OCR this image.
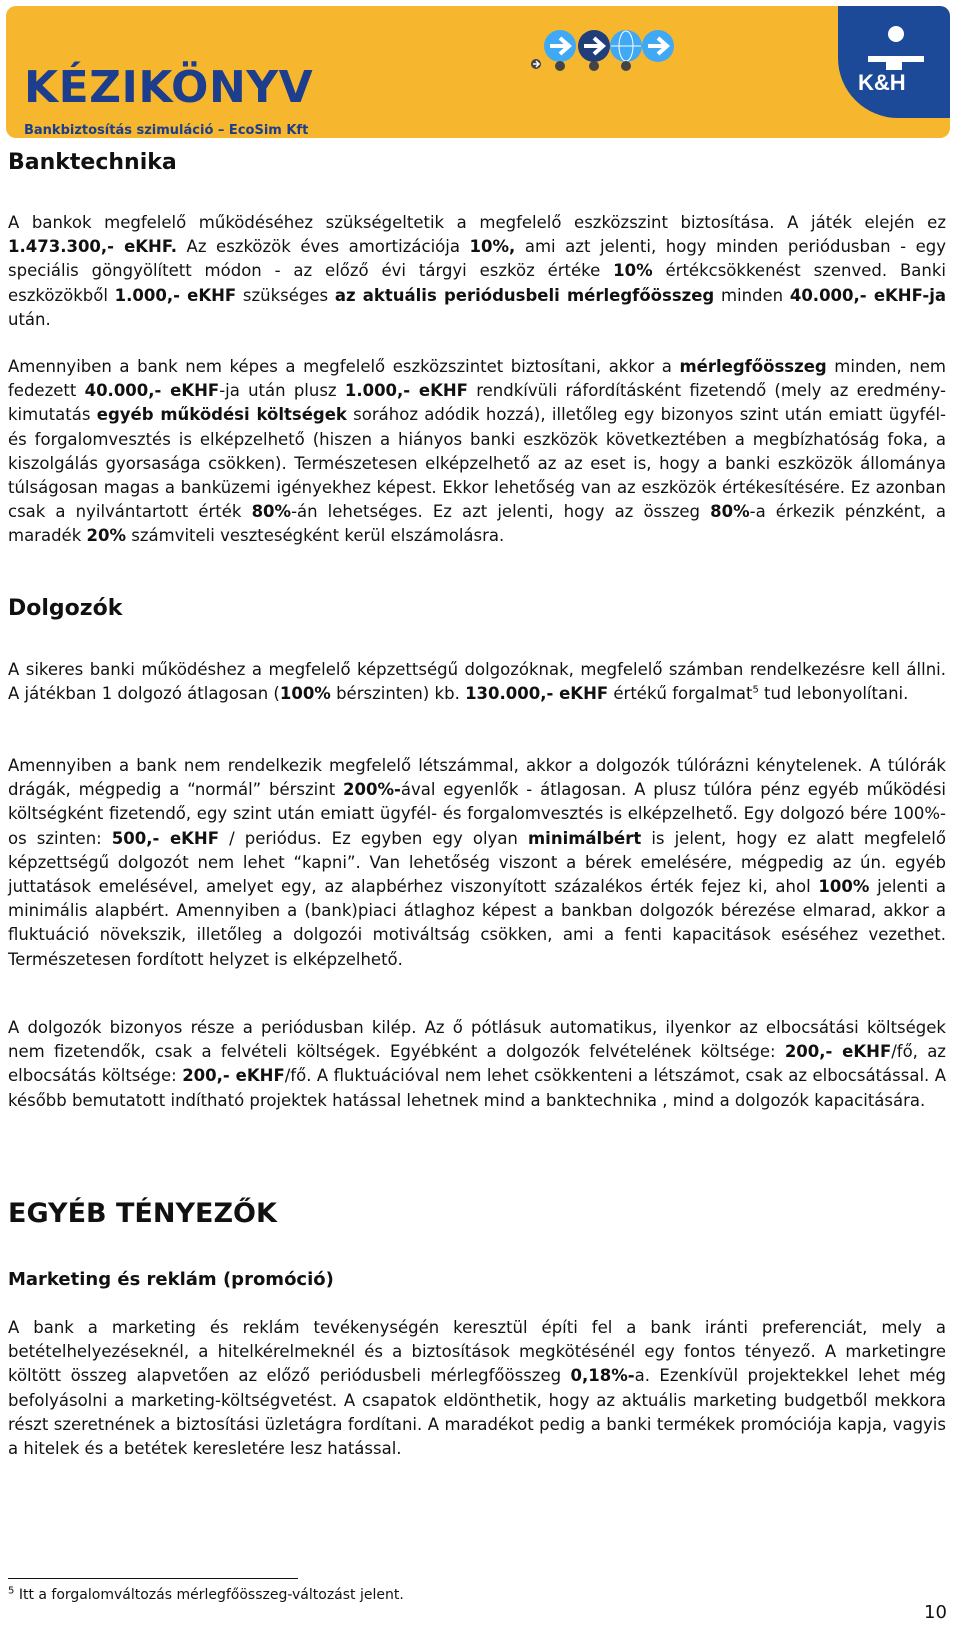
KÉZIKÖNYV
Bankbiztosítás szimuláció – EcoSim Kft
K&H
Banktechnika

A bankok megfelelő működéséhez szükségeltetik a megfelelő eszközszint biztosítása. A játék elején ez 1.473.300,- eKHF. Az eszközök éves amortizációja 10%, ami azt jelenti, hogy minden periódusban - egy speciális göngyölített módon - az előző évi tárgyi eszköz értéke 10% értékcsökkenést szenved. Banki eszközökből 1.000,- eKHF szükséges az aktuális periódusbeli mérlegfőösszeg minden 40.000,- eKHF-ja után.

Amennyiben a bank nem képes a megfelelő eszközszintet biztosítani, akkor a mérlegfőösszeg minden, nem fedezett 40.000,- eKHF-ja után plusz 1.000,- eKHF rendkívüli ráfordításként fizetendő (mely az eredmény-kimutatás egyéb működési költségek sorához adódik hozzá), illetőleg egy bizonyos szint után emiatt ügyfél- és forgalomvesztés is elképzelhető (hiszen a hiányos banki eszközök következtében a megbízhatóság foka, a kiszolgálás gyorsasága csökken). Természetesen elképzelhető az az eset is, hogy a banki eszközök állománya túlságosan magas a banküzemi igényekhez képest. Ekkor lehetőség van az eszközök értékesítésére. Ez azonban csak a nyilvántartott érték 80%-án lehetséges. Ez azt jelenti, hogy az összeg 80%-a érkezik pénzként, a maradék 20% számviteli veszteségként kerül elszámolásra.

Dolgozók

A sikeres banki működéshez a megfelelő képzettségű dolgozóknak, megfelelő számban rendelkezésre kell állni. A játékban 1 dolgozó átlagosan (100% bérszinten) kb. 130.000,- eKHF értékű forgalmat$^5$ tud lebonyolítani.

Amennyiben a bank nem rendelkezik megfelelő létszámmal, akkor a dolgozók túlórázni kénytelenek. A túlórák drágák, mégpedig a “normál” bérszint 200%-ával egyenlők - átlagosan. A plusz túlóra pénz egyéb működési költségként fizetendő, egy szint után emiatt ügyfél- és forgalomvesztés is elképzelhető. Egy dolgozó bére 100%-os szinten: 500,- eKHF / periódus. Ez egyben egy olyan minimálbért is jelent, hogy ez alatt megfelelő képzettségű dolgozót nem lehet “kapni”. Van lehetőség viszont a bérek emelésére, mégpedig az ún. egyéb juttatások emelésével, amelyet egy, az alapbérhez viszonyított százalékos érték fejez ki, ahol 100% jelenti a minimális alapbért. Amennyiben a (bank)piaci átlaghoz képest a bankban dolgozók bérezése elmarad, akkor a fluktuáció növekszik, illetőleg a dolgozói motiváltság csökken, ami a fenti kapacitások eséséhez vezethet. Természetesen fordított helyzet is elképzelhető.

A dolgozók bizonyos része a periódusban kilép. Az ő pótlásuk automatikus, ilyenkor az elbocsátási költségek nem fizetendők, csak a felvételi költségek. Egyébként a dolgozók felvételének költsége: 200,- eKHF/fő, az elbocsátás költsége: 200,- eKHF/fő. A fluktuációval nem lehet csökkenteni a létszámot, csak az elbocsátással. A később bemutatott indítható projektek hatással lehetnek mind a banktechnika , mind a dolgozók kapacitására.

EGYÉB TÉNYEZŐK
Marketing és reklám (promóció)

A bank a marketing és reklám tevékenységén keresztül építi fel a bank iránti preferenciát, mely a betételhelyezéseknél, a hitelkérelmeknél és a biztosítások megkötésénél egy fontos tényező. A marketingre költött összeg alapvetően az előző periódusbeli mérlegfőösszeg 0,18%-a. Ezenkívül projektekkel lehet még befolyásolni a marketing-költségvetést. A csapatok eldönthetik, hogy az aktuális marketing budgetből mekkora részt szeretnének a biztosítási üzletágra fordítani. A maradékot pedig a banki termékek promóciója kapja, vagyis a hitelek és a betétek keresletére lesz hatással.

$^5$ Itt a forgalomváltozás mérlegfőösszeg-változást jelent.
10
